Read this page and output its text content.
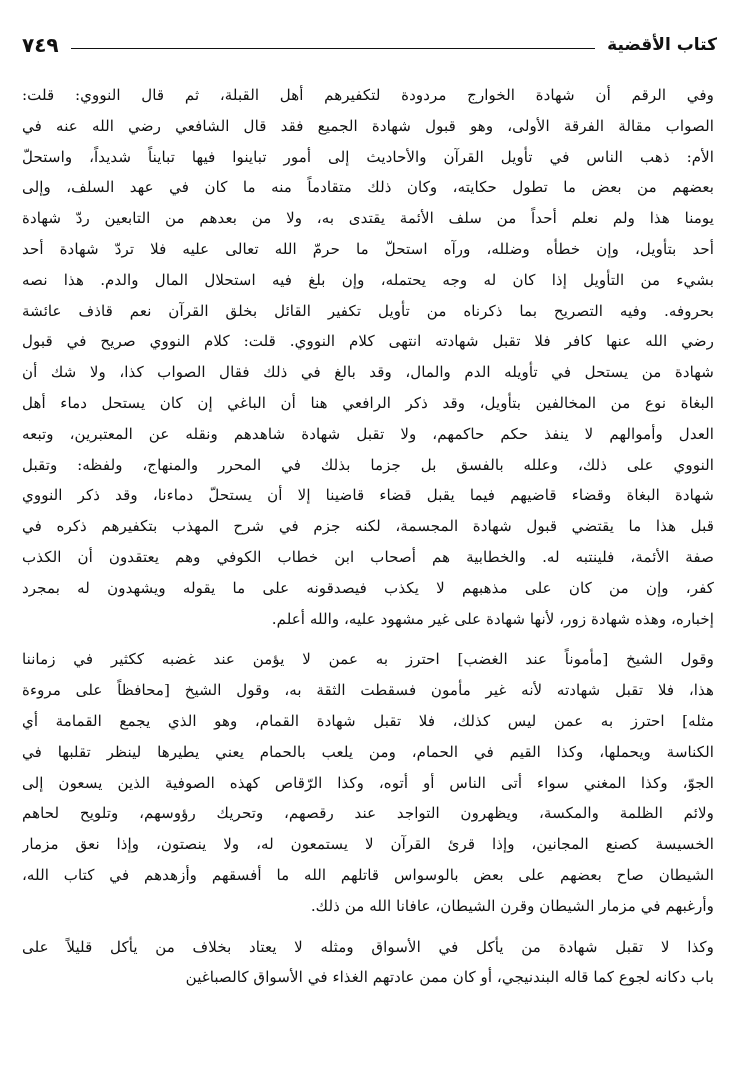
كتاب الأقضية
٧٤٩

وفي الرقم أن شهادة الخوارج مردودة لتكفيرهم أهل القبلة، ثم قال النووي: قلت:
الصواب مقالة الفرقة الأولى، وهو قبول شهادة الجميع فقد قال الشافعي رضي الله عنه في
الأم: ذهب الناس في تأويل القرآن والأحاديث إلى أمور تباينوا فيها تبايناً شديداً، واستحلّ
بعضهم من بعض ما تطول حكايته، وكان ذلك متقادماً منه ما كان في عهد السلف، وإلى
يومنا هذا ولم نعلم أحداً من سلف الأئمة يقتدى به، ولا من بعدهم من التابعين ردّ شهادة
أحد بتأويل، وإن خطأه وضلله، ورآه استحلّ ما حرمّ الله تعالى عليه فلا تردّ شهادة أحد
بشيء من التأويل إذا كان له وجه يحتمله، وإن بلغ فيه استحلال المال والدم. هذا نصه
بحروفه. وفيه التصريح بما ذكرناه من تأويل تكفير القائل بخلق القرآن نعم قاذف عائشة
رضي الله عنها كافر فلا تقبل شهادته انتهى كلام النووي. قلت: كلام النووي صريح في قبول
شهادة من يستحل في تأويله الدم والمال، وقد بالغ في ذلك فقال الصواب كذا، ولا شك أن
البغاة نوع من المخالفين بتأويل، وقد ذكر الرافعي هنا أن الباغي إن كان يستحل دماء أهل
العدل وأموالهم لا ينفذ حكم حاكمهم، ولا تقبل شهادة شاهدهم ونقله عن المعتبرين، وتبعه
النووي على ذلك، وعلله بالفسق بل جزما بذلك في المحرر والمنهاج، ولفظه: وتقبل
شهادة البغاة وقضاء قاضيهم فيما يقبل قضاء قاضينا إلا أن يستحلّ دماءنا، وقد ذكر النووي
قبل هذا ما يقتضي قبول شهادة المجسمة، لكنه جزم في شرح المهذب بتكفيرهم ذكره في
صفة الأئمة، فلينتبه له. والخطابية هم أصحاب ابن خطاب الكوفي وهم يعتقدون أن الكذب
كفر، وإن من كان على مذهبهم لا يكذب فيصدقونه على ما يقوله ويشهدون له بمجرد
إخباره، وهذه شهادة زور، لأنها شهادة على غير مشهود عليه، والله أعلم.

وقول الشيخ [مأموناً عند الغضب] احترز به عمن لا يؤمن عند غضبه ككثير في زماننا
هذا، فلا تقبل شهادته لأنه غير مأمون فسقطت الثقة به، وقول الشيخ [محافظاً على مروءة
مثله] احترز به عمن ليس كذلك، فلا تقبل شهادة القمام، وهو الذي يجمع القمامة أي
الكناسة ويحملها، وكذا القيم في الحمام، ومن يلعب بالحمام يعني يطيرها لينظر تقلبها في
الجوّ، وكذا المغني سواء أتى الناس أو أتوه، وكذا الرّقاص كهذه الصوفية الذين يسعون إلى
ولائم الظلمة والمكسة، ويظهرون التواجد عند رقصهم، وتحريك رؤوسهم، وتلويح لحاهم
الخسيسة كصنع المجانين، وإذا قرئ القرآن لا يستمعون له، ولا ينصتون، وإذا نعق مزمار
الشيطان صاح بعضهم على بعض بالوسواس قاتلهم الله ما أفسقهم وأزهدهم في كتاب الله،
وأرغبهم في مزمار الشيطان وقرن الشيطان، عافانا الله من ذلك.

وكذا لا تقبل شهادة من يأكل في الأسواق ومثله لا يعتاد بخلاف من يأكل قليلاً على
باب دكانه لجوع كما قاله البندنيجي، أو كان ممن عادتهم الغذاء في الأسواق كالصباغين
